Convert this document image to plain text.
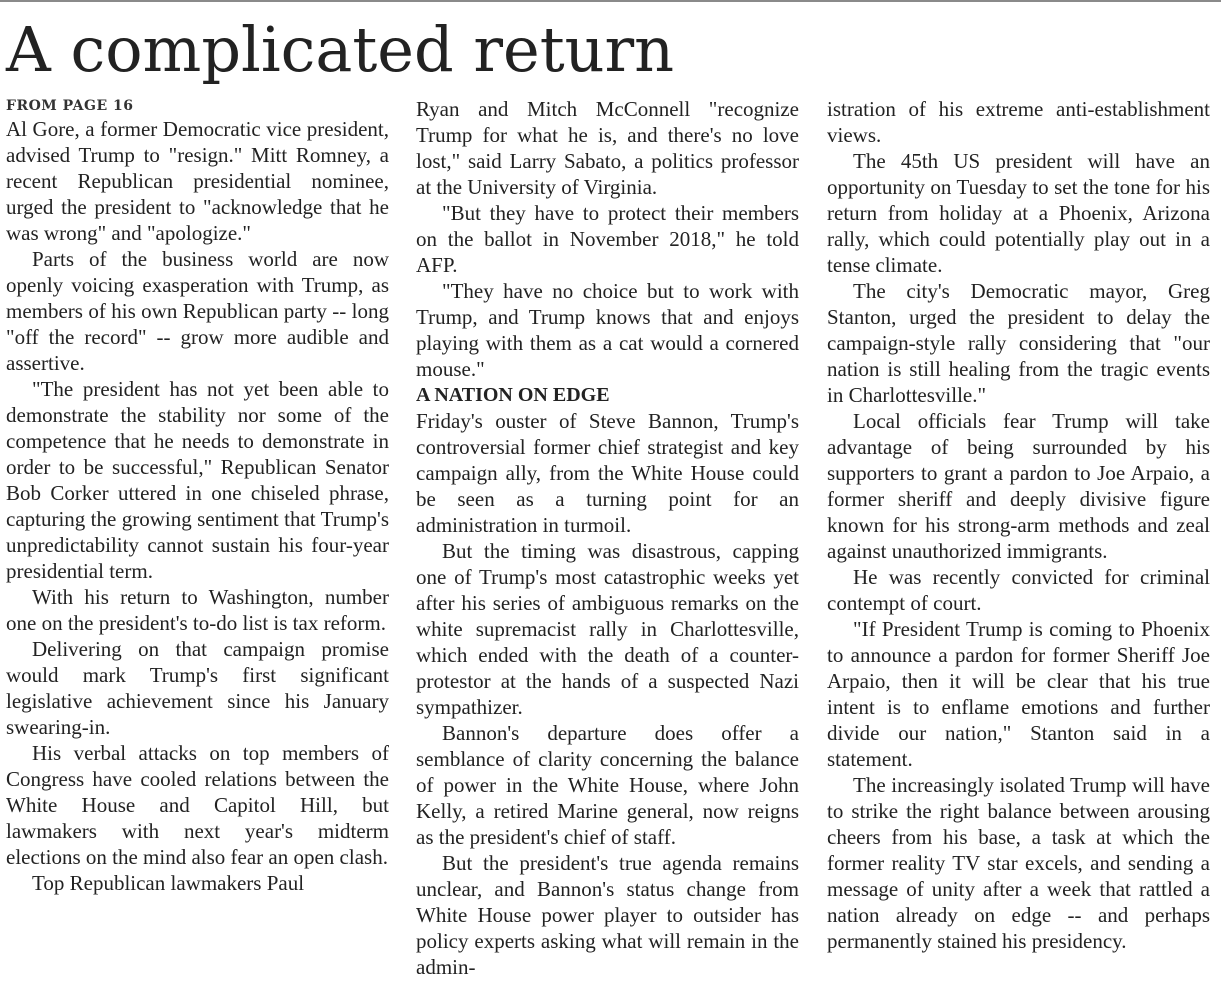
A complicated return
FROM PAGE 16

Al Gore, a former Democratic vice president, advised Trump to "resign." Mitt Romney, a recent Republican presidential nominee, urged the president to "acknowledge that he was wrong" and "apologize."

Parts of the business world are now openly voicing exasperation with Trump, as members of his own Republican party -- long "off the record" -- grow more audible and assertive.

"The president has not yet been able to demonstrate the stability nor some of the competence that he needs to demonstrate in order to be successful," Republican Senator Bob Corker uttered in one chiseled phrase, capturing the growing sentiment that Trump's unpredictability cannot sustain his four-year presidential term.

With his return to Washington, number one on the president's to-do list is tax reform.

Delivering on that campaign promise would mark Trump's first significant legislative achievement since his January swearing-in.

His verbal attacks on top members of Congress have cooled relations between the White House and Capitol Hill, but lawmakers with next year's midterm elections on the mind also fear an open clash.

Top Republican lawmakers Paul

Ryan and Mitch McConnell "recognize Trump for what he is, and there's no love lost," said Larry Sabato, a politics professor at the University of Virginia.

"But they have to protect their members on the ballot in November 2018," he told AFP.

"They have no choice but to work with Trump, and Trump knows that and enjoys playing with them as a cat would a cornered mouse."

A NATION ON EDGE

Friday's ouster of Steve Bannon, Trump's controversial former chief strategist and key campaign ally, from the White House could be seen as a turning point for an administration in turmoil.

But the timing was disastrous, capping one of Trump's most catastrophic weeks yet after his series of ambiguous remarks on the white supremacist rally in Charlottesville, which ended with the death of a counter-protestor at the hands of a suspected Nazi sympathizer.

Bannon's departure does offer a semblance of clarity concerning the balance of power in the White House, where John Kelly, a retired Marine general, now reigns as the president's chief of staff.

But the president's true agenda remains unclear, and Bannon's status change from White House power player to outsider has policy experts asking what will remain in the admin-

istration of his extreme anti-establishment views.

The 45th US president will have an opportunity on Tuesday to set the tone for his return from holiday at a Phoenix, Arizona rally, which could potentially play out in a tense climate.

The city's Democratic mayor, Greg Stanton, urged the president to delay the campaign-style rally considering that "our nation is still healing from the tragic events in Charlottesville."

Local officials fear Trump will take advantage of being surrounded by his supporters to grant a pardon to Joe Arpaio, a former sheriff and deeply divisive figure known for his strong-arm methods and zeal against unauthorized immigrants.

He was recently convicted for criminal contempt of court.

"If President Trump is coming to Phoenix to announce a pardon for former Sheriff Joe Arpaio, then it will be clear that his true intent is to enflame emotions and further divide our nation," Stanton said in a statement.

The increasingly isolated Trump will have to strike the right balance between arousing cheers from his base, a task at which the former reality TV star excels, and sending a message of unity after a week that rattled a nation already on edge -- and perhaps permanently stained his presidency.
